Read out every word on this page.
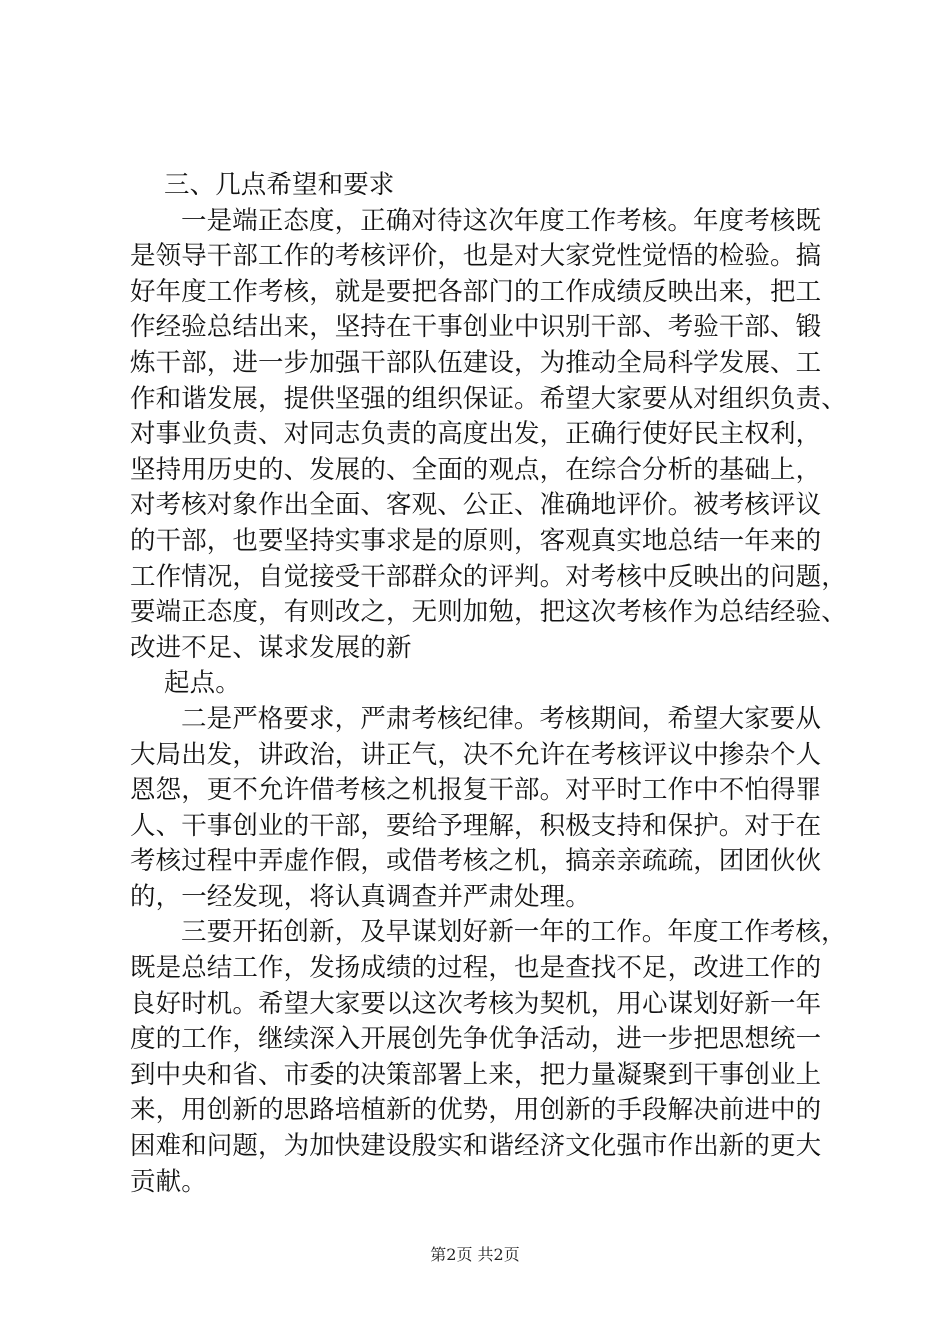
三、几点希望和要求
一是端正态度，正确对待这次年度工作考核。年度考核既
是领导干部工作的考核评价，也是对大家党性觉悟的检验。搞
好年度工作考核，就是要把各部门的工作成绩反映出来，把工
作经验总结出来，坚持在干事创业中识别干部、考验干部、锻
炼干部，进一步加强干部队伍建设，为推动全局科学发展、工
作和谐发展，提供坚强的组织保证。希望大家要从对组织负责、
对事业负责、对同志负责的高度出发，正确行使好民主权利，
坚持用历史的、发展的、全面的观点，在综合分析的基础上，
对考核对象作出全面、客观、公正、准确地评价。被考核评议
的干部，也要坚持实事求是的原则，客观真实地总结一年来的
工作情况，自觉接受干部群众的评判。对考核中反映出的问题，
要端正态度，有则改之，无则加勉，把这次考核作为总结经验、
改进不足、谋求发展的新
起点。
二是严格要求，严肃考核纪律。考核期间，希望大家要从
大局出发，讲政治，讲正气，决不允许在考核评议中掺杂个人
恩怨，更不允许借考核之机报复干部。对平时工作中不怕得罪
人、干事创业的干部，要给予理解，积极支持和保护。对于在
考核过程中弄虚作假，或借考核之机，搞亲亲疏疏，团团伙伙
的，一经发现，将认真调查并严肃处理。
三要开拓创新，及早谋划好新一年的工作。年度工作考核，
既是总结工作，发扬成绩的过程，也是查找不足，改进工作的
良好时机。希望大家要以这次考核为契机，用心谋划好新一年
度的工作，继续深入开展创先争优争活动，进一步把思想统一
到中央和省、市委的决策部署上来，把力量凝聚到干事创业上
来，用创新的思路培植新的优势，用创新的手段解决前进中的
困难和问题，为加快建设殷实和谐经济文化强市作出新的更大
贡献。
第2页 共2页
